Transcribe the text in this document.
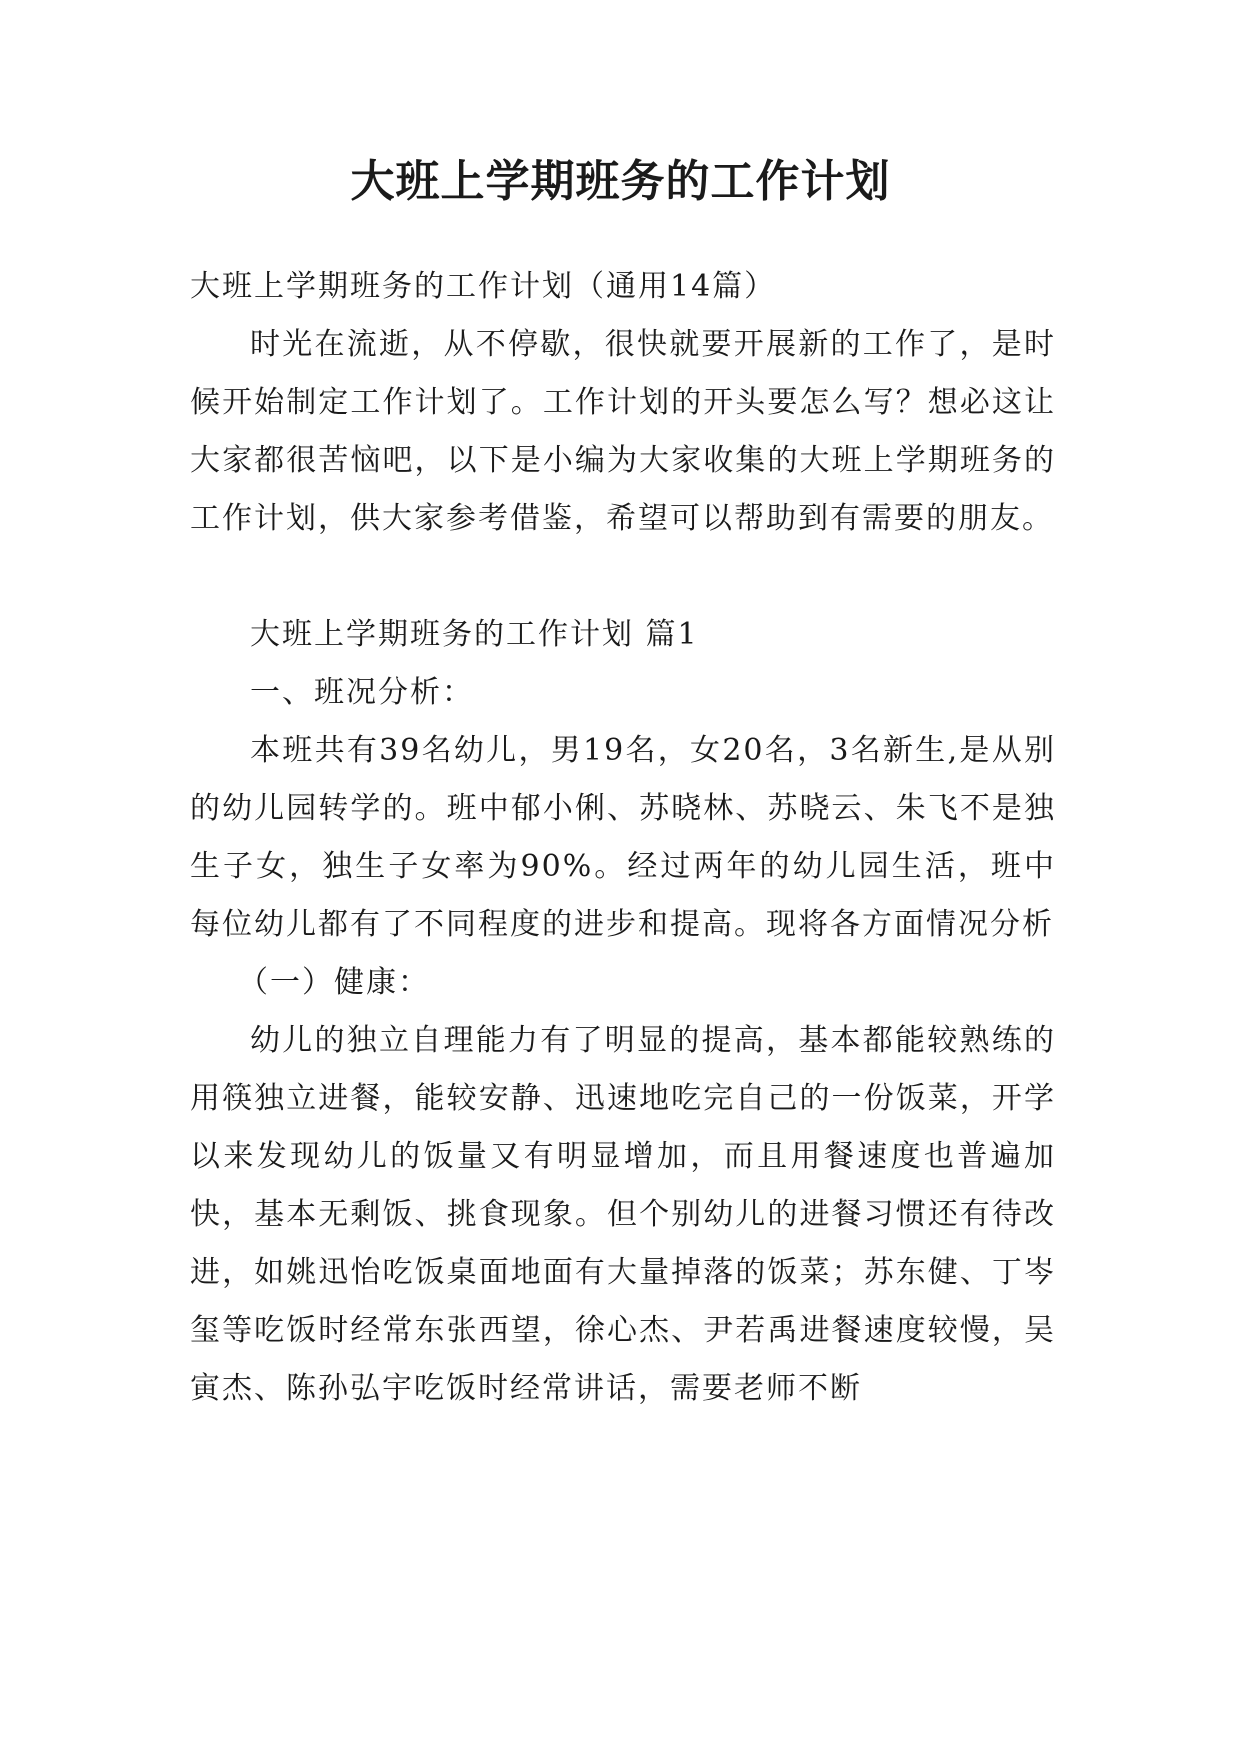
大班上学期班务的工作计划

大班上学期班务的工作计划（通用14篇）

时光在流逝，从不停歇，很快就要开展新的工作了，是时候开始制定工作计划了。工作计划的开头要怎么写？想必这让大家都很苦恼吧，以下是小编为大家收集的大班上学期班务的工作计划，供大家参考借鉴，希望可以帮助到有需要的朋友。

大班上学期班务的工作计划 篇1

一、班况分析：

本班共有39名幼儿，男19名，女20名，3名新生,是从别的幼儿园转学的。班中郁小俐、苏晓林、苏晓云、朱飞不是独生子女，独生子女率为90%。经过两年的幼儿园生活，班中每位幼儿都有了不同程度的进步和提高。现将各方面情况分析

（一）健康：

幼儿的独立自理能力有了明显的提高，基本都能较熟练的用筷独立进餐，能较安静、迅速地吃完自己的一份饭菜，开学以来发现幼儿的饭量又有明显增加，而且用餐速度也普遍加快，基本无剩饭、挑食现象。但个别幼儿的进餐习惯还有待改进，如姚迅怡吃饭桌面地面有大量掉落的饭菜；苏东健、丁岑玺等吃饭时经常东张西望，徐心杰、尹若禹进餐速度较慢，吴寅杰、陈孙弘宇吃饭时经常讲话，需要老师不断
